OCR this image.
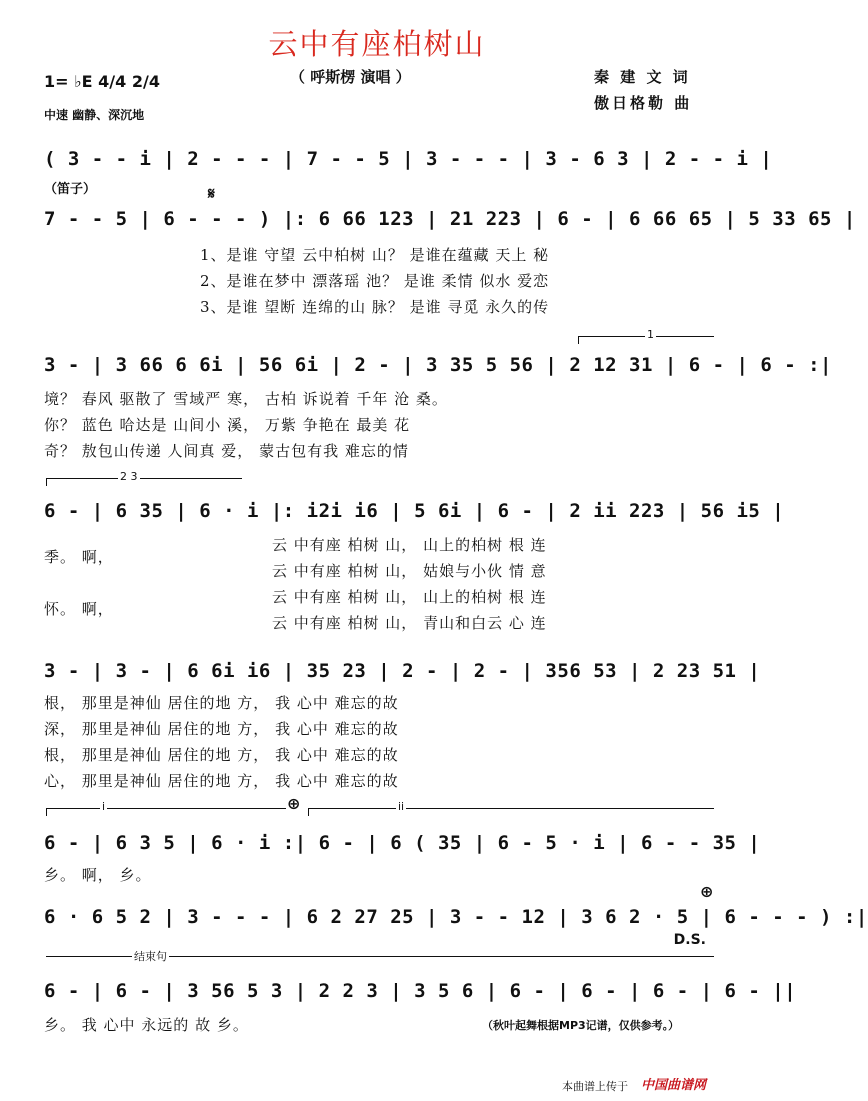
云中有座柏树山
（ 呼斯楞 演唱 ）	秦 建 文 词
傲日格勒 曲
1= ♭E 4/4 2/4
中速 幽静、深沉地
( 3 - - i | 2 - - - | 7 - - 5 | 3 - - - | 3 - 6 3 | 2 - - i |
（笛子）	𝄋
7 - - 5 | 6 - - - ) |: 6 66 123 | 21 223 | 6 - | 6 66 65 | 5 33 65 |
1、是谁 守望 云中柏树 山？ 是谁在蕴藏 天上 秘
2、是谁在梦中 漂落瑶 池？ 是谁 柔情 似水 爱恋
3、是谁 望断 连绵的山 脉？ 是谁 寻觅 永久的传
1
3 - | 3 66 6 6i | 56 6i | 2 - | 3 35 5 56 | 2 12 31 | 6 - | 6 - :|
境？ 春风 驱散了 雪域严 寒， 古柏 诉说着 千年 沧 桑。
你？ 蓝色 哈达是 山间小 溪， 万紫 争艳在 最美 花
奇？ 敖包山传递 人间真 爱， 蒙古包有我 难忘的情
2 3
6 - | 6 35 | 6 · i |: i2i i6 | 5 6i | 6 - | 2 ii 223 | 56 i5 |
季。 啊，
怀。 啊，
云 中有座 柏树 山， 山上的柏树 根 连
云 中有座 柏树 山， 姑娘与小伙 情 意
云 中有座 柏树 山， 山上的柏树 根 连
云 中有座 柏树 山， 青山和白云 心 连
3 - | 3 - | 6 6i i6 | 35 23 | 2 - | 2 - | 356 53 | 2 23 51 |
根， 那里是神仙 居住的地 方， 我 心中 难忘的故
深， 那里是神仙 居住的地 方， 我 心中 难忘的故
根， 那里是神仙 居住的地 方， 我 心中 难忘的故
心， 那里是神仙 居住的地 方， 我 心中 难忘的故
i	⊕	ii
6 - | 6 3 5 | 6 · i :| 6 - | 6 ( 35 | 6 - 5 · i | 6 - - 35 |
乡。 啊， 乡。
⊕
6 · 6 5 2 | 3 - - - | 6 2 27 25 | 3 - - 12 | 3 6 2 · 5 | 6 - - - ) :|
D.S.
结束句
6 - | 6 - | 3 56 5 3 | 2 2 3 | 3 5 6 | 6 - | 6 - | 6 - | 6 - ||
乡。 我 心中 永远的 故 乡。	（秋叶起舞根据MP3记谱，仅供参考。）
本曲谱上传于 中国曲谱网
